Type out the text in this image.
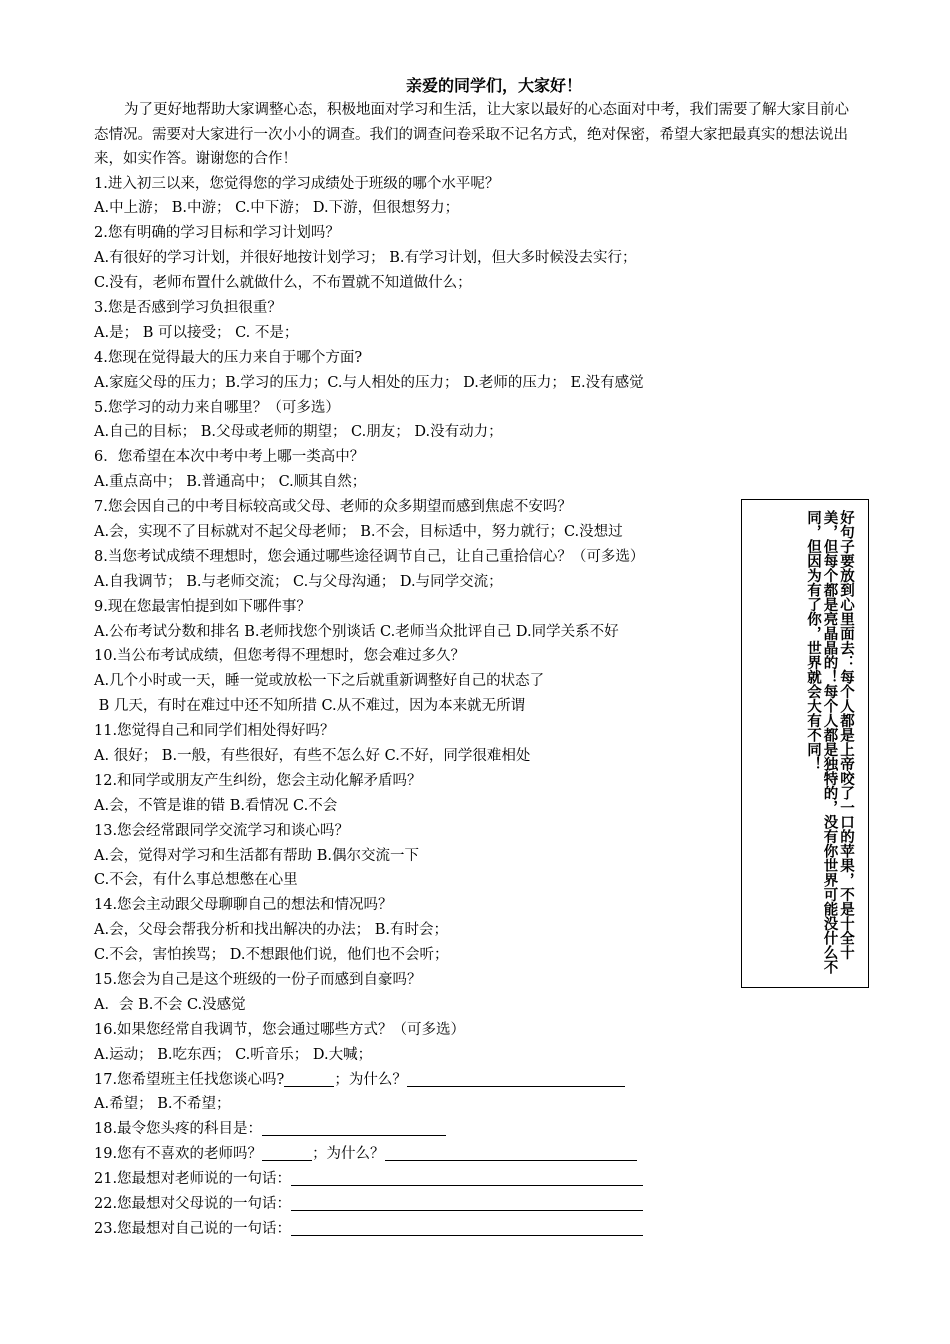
亲爱的同学们，大家好！
为了更好地帮助大家调整心态，积极地面对学习和生活，让大家以最好的心态面对中考，我们需要了解大家目前心态情况。需要对大家进行一次小小的调查。我们的调查问卷采取不记名方式，绝对保密，希望大家把最真实的想法说出来，如实作答。谢谢您的合作！
1.进入初三以来，您觉得您的学习成绩处于班级的哪个水平呢？
A.中上游； B.中游； C.中下游； D.下游，但很想努力；
2.您有明确的学习目标和学习计划吗？
A.有很好的学习计划，并很好地按计划学习； B.有学习计划，但大多时候没去实行；
C.没有，老师布置什么就做什么，不布置就不知道做什么；
3.您是否感到学习负担很重？
A.是； B 可以接受； C. 不是；
4.您现在觉得最大的压力来自于哪个方面?
A.家庭父母的压力；B.学习的压力；C.与人相处的压力； D.老师的压力； E.没有感觉
5.您学习的动力来自哪里？（可多选）
A.自己的目标； B.父母或老师的期望； C.朋友； D.没有动力；
6．您希望在本次中考中考上哪一类高中？
A.重点高中； B.普通高中； C.顺其自然；
7.您会因自己的中考目标较高或父母、老师的众多期望而感到焦虑不安吗？
A.会，实现不了目标就对不起父母老师； B.不会，目标适中，努力就行；C.没想过
8.当您考试成绩不理想时，您会通过哪些途径调节自己，让自己重拾信心？（可多选）
A.自我调节； B.与老师交流； C.与父母沟通； D.与同学交流；
9.现在您最害怕提到如下哪件事？
A.公布考试分数和排名 B.老师找您个别谈话 C.老师当众批评自己 D.同学关系不好
10.当公布考试成绩，但您考得不理想时，您会难过多久？
A.几个小时或一天，睡一觉或放松一下之后就重新调整好自己的状态了
B 几天，有时在难过中还不知所措 C.从不难过，因为本来就无所谓
11.您觉得自己和同学们相处得好吗？
A. 很好； B.一般，有些很好，有些不怎么好 C.不好，同学很难相处
12.和同学或朋友产生纠纷，您会主动化解矛盾吗？
A.会，不管是谁的错 B.看情况 C.不会
13.您会经常跟同学交流学习和谈心吗？
A.会，觉得对学习和生活都有帮助 B.偶尔交流一下
C.不会，有什么事总想憋在心里
14.您会主动跟父母聊聊自己的想法和情况吗？
A.会，父母会帮我分析和找出解决的办法； B.有时会；
C.不会，害怕挨骂； D.不想跟他们说，他们也不会听；
15.您会为自己是这个班级的一份子而感到自豪吗？
A．会 B.不会 C.没感觉
16.如果您经常自我调节，您会通过哪些方式？（可多选）
A.运动； B.吃东西； C.听音乐； D.大喊；
17.您希望班主任找您谈心吗?	；为什么？
A.希望； B.不希望；
18.最令您头疼的科目是：
19.您有不喜欢的老师吗？	；为什么？
21.您最想对老师说的一句话：
22.您最想对父母说的一句话：
23.您最想对自己说的一句话：
好句子要放到心里面去：每个人都是上帝咬了一口的苹果，不是十全十美，但每个都是亮晶晶的！每个人都是独特的，没有你世界可能没什么不同，但因为有了你，世界就会大有不同！
